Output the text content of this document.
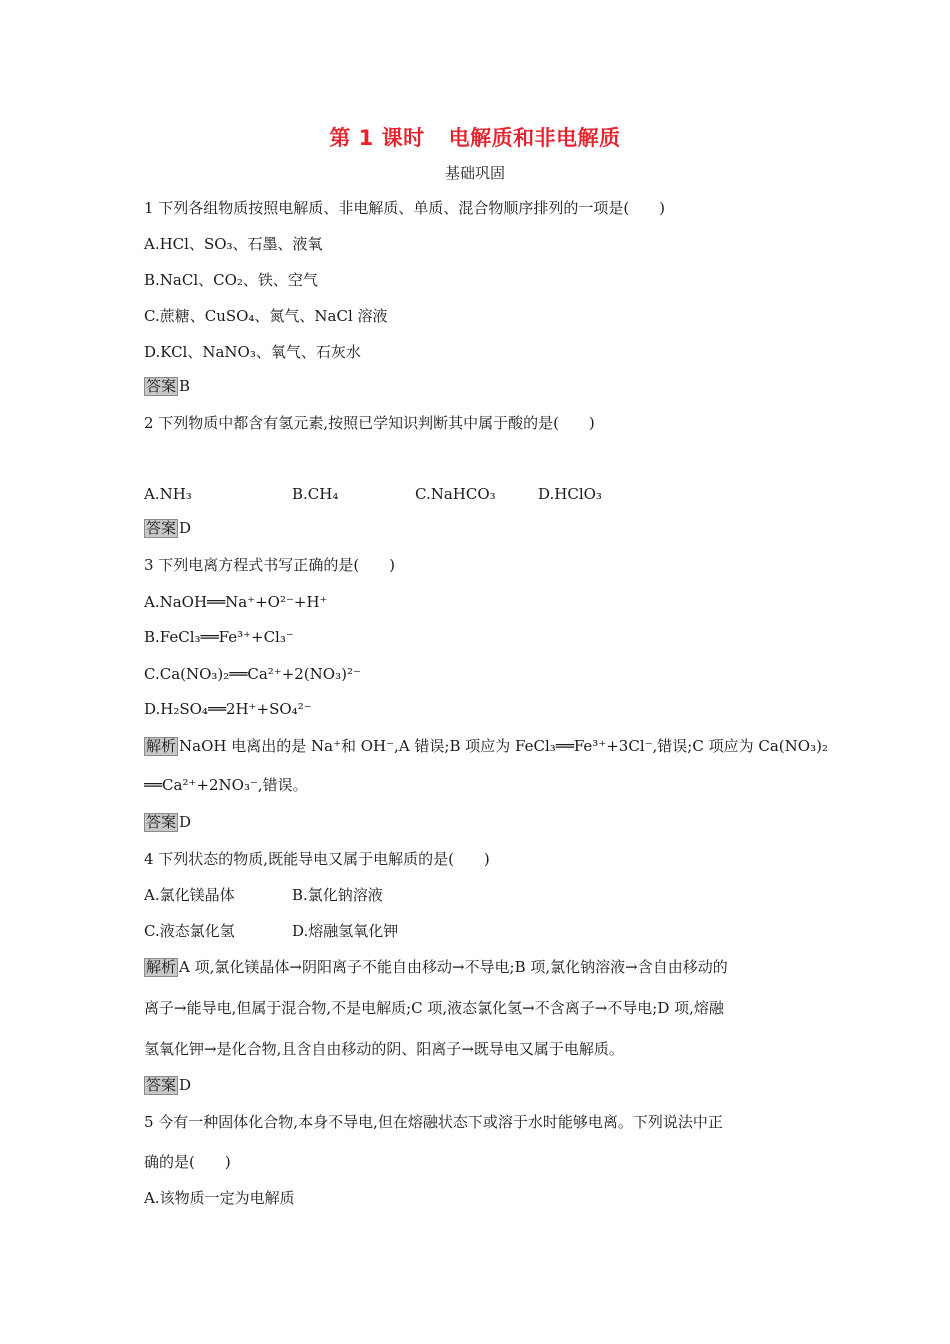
第 1 课时 电解质和非电解质
基础巩固
1 下列各组物质按照电解质、非电解质、单质、混合物顺序排列的一项是(　　)
A.HCl、SO₃、石墨、液氧
B.NaCl、CO₂、铁、空气
C.蔗糖、CuSO₄、氮气、NaCl 溶液
D.KCl、NaNO₃、氧气、石灰水
答案 B
2 下列物质中都含有氢元素,按照已学知识判断其中属于酸的是(　　)
A.NH₃	B.CH₄	C.NaHCO₃	D.HClO₃
答案 D
3 下列电离方程式书写正确的是(　　)
A.NaOH══Na⁺+O²⁻+H⁺
B.FeCl₃══Fe³⁺+Cl₃⁻
C.Ca(NO₃)₂══Ca²⁺+2(NO₃)²⁻
D.H₂SO₄══2H⁺+SO₄²⁻
解析 NaOH 电离出的是 Na⁺和 OH⁻,A 错误;B 项应为 FeCl₃══Fe³⁺+3Cl⁻,错误;C 项应为 Ca(NO₃)₂
══Ca²⁺+2NO₃⁻,错误。
答案 D
4 下列状态的物质,既能导电又属于电解质的是(　　)
A.氯化镁晶体	B.氯化钠溶液
C.液态氯化氢	D.熔融氢氧化钾
解析 A 项,氯化镁晶体→阴阳离子不能自由移动→不导电;B 项,氯化钠溶液→含自由移动的
离子→能导电,但属于混合物,不是电解质;C 项,液态氯化氢→不含离子→不导电;D 项,熔融
氢氧化钾→是化合物,且含自由移动的阴、阳离子→既导电又属于电解质。
答案 D
5 今有一种固体化合物,本身不导电,但在熔融状态下或溶于水时能够电离。下列说法中正
确的是(　　)
A.该物质一定为电解质
